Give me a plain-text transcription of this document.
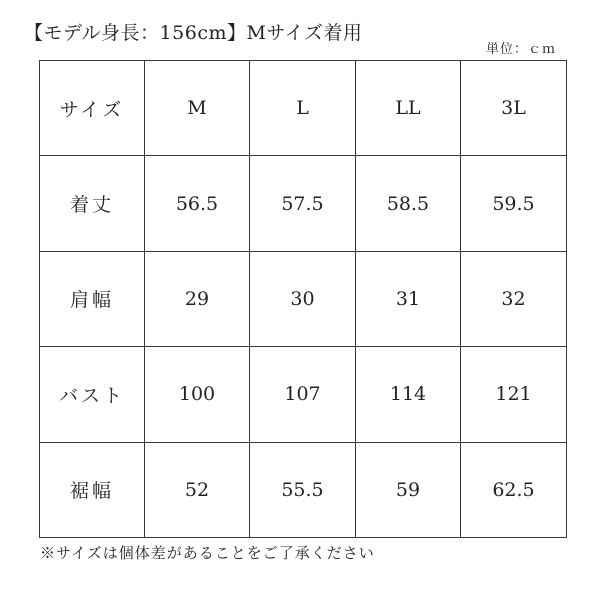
【モデル身長：156cm】Mサイズ着用
単位：ｃｍ
サイズ	M	L	LL	3L
着丈	56.5	57.5	58.5	59.5
肩幅	29	30	31	32
バスト	100	107	114	121
裾幅	52	55.5	59	62.5
※サイズは個体差があることをご了承ください
